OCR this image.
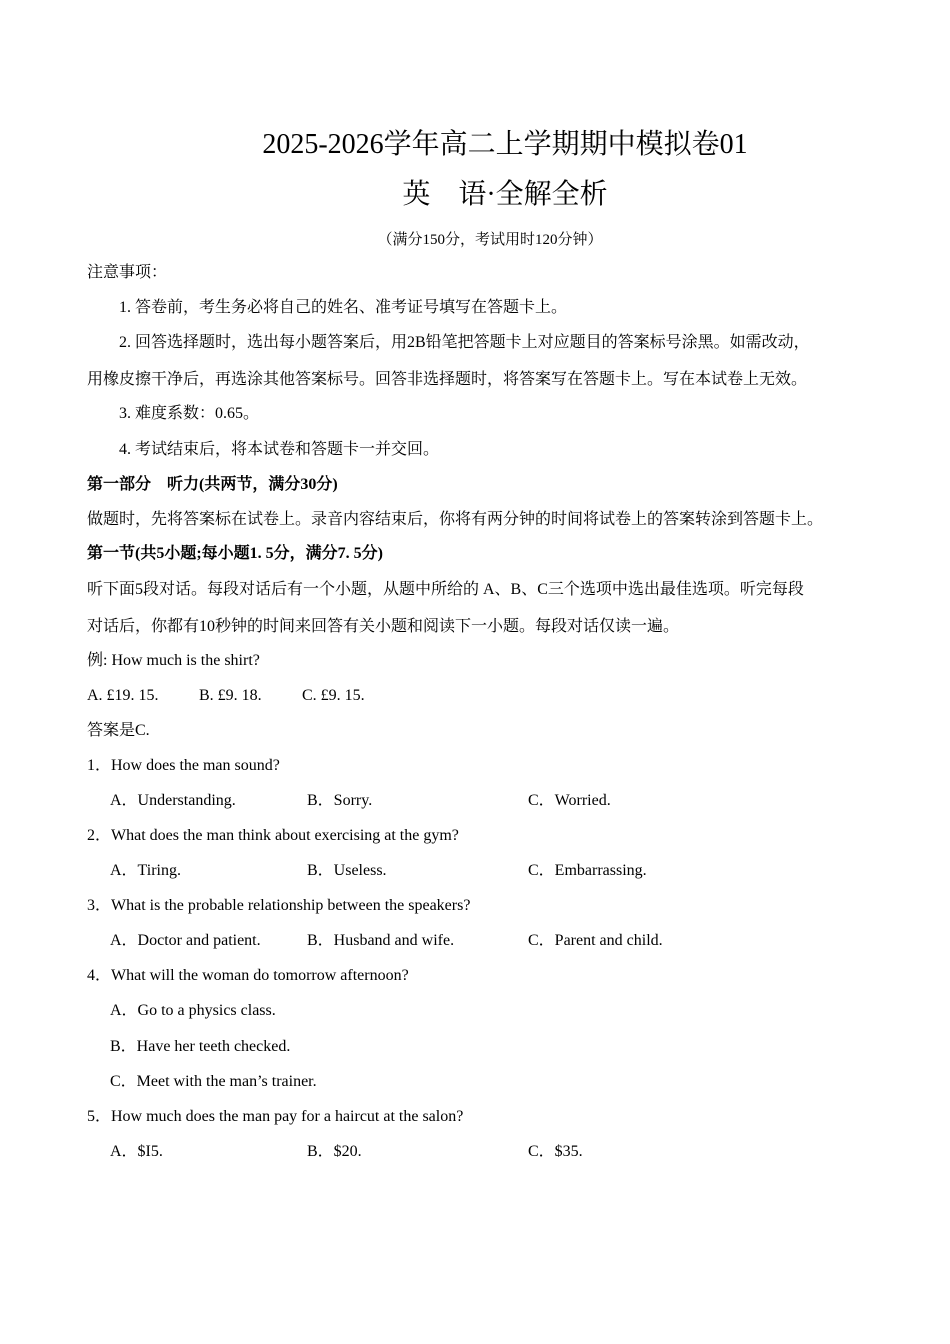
2025-2026学年高二上学期期中模拟卷01
英　语·全解全析
（满分150分，考试用时120分钟）
注意事项：
1. 答卷前，考生务必将自己的姓名、准考证号填写在答题卡上。
2. 回答选择题时，选出每小题答案后，用2B铅笔把答题卡上对应题目的答案标号涂黑。如需改动，
用橡皮擦干净后，再选涂其他答案标号。回答非选择题时，将答案写在答题卡上。写在本试卷上无效。
3. 难度系数：0.65。
4. 考试结束后，将本试卷和答题卡一并交回。
第一部分　听力(共两节，满分30分)
做题时，先将答案标在试卷上。录音内容结束后，你将有两分钟的时间将试卷上的答案转涂到答题卡上。
第一节(共5小题;每小题1. 5分，满分7. 5分)
听下面5段对话。每段对话后有一个小题，从题中所给的 A、B、C三个选项中选出最佳选项。听完每段
对话后，你都有10秒钟的时间来回答有关小题和阅读下一小题。每段对话仅读一遍。
例: How much is the shirt?
A. £19. 15.	B. £9. 18.	C. £9. 15.
答案是C.
1．How does the man sound?
A．Understanding.	B．Sorry.	C．Worried.
2．What does the man think about exercising at the gym?
A．Tiring.	B．Useless.	C．Embarrassing.
3．What is the probable relationship between the speakers?
A．Doctor and patient.	B．Husband and wife.	C．Parent and child.
4．What will the woman do tomorrow afternoon?
A．Go to a physics class.
B．Have her teeth checked.
C．Meet with the man’s trainer.
5．How much does the man pay for a haircut at the salon?
A．$I5.	B．$20.	C．$35.
